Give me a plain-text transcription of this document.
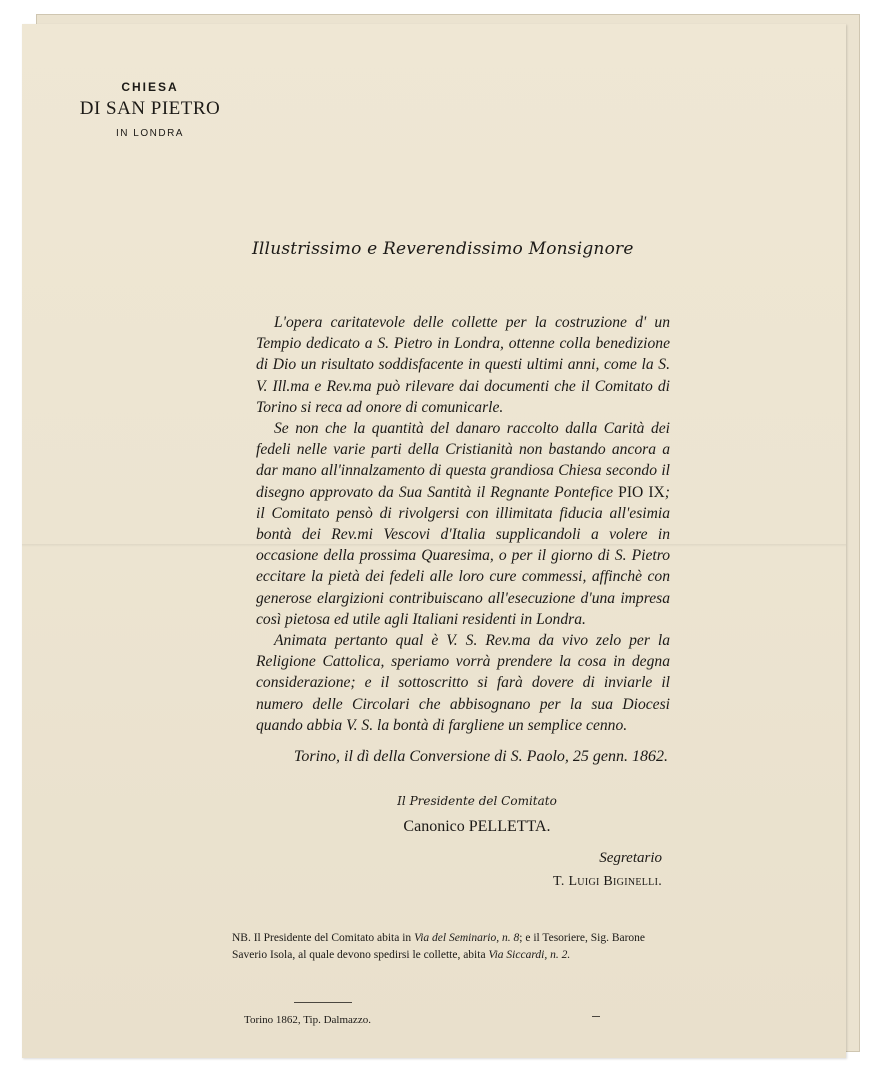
CHIESA
DI SAN PIETRO
IN LONDRA
Illustrissimo e Reverendissimo Monsignore

L'opera caritatevole delle collette per la costruzione d' un Tempio dedicato a S. Pietro in Londra, ottenne colla benedizione di Dio un risultato soddisfacente in questi ultimi anni, come la S. V. Ill.ma e Rev.ma può rilevare dai documenti che il Comitato di Torino si reca ad onore di comunicarle.

Se non che la quantità del danaro raccolto dalla Carità dei fedeli nelle varie parti della Cristianità non bastando ancora a dar mano all'innalzamento di questa grandiosa Chiesa secondo il disegno approvato da Sua Santità il Regnante Pontefice PIO IX; il Comitato pensò di rivolgersi con illimitata fiducia all'esimia bontà dei Rev.mi Vescovi d'Italia supplicandoli a volere in occasione della prossima Quaresima, o per il giorno di S. Pietro eccitare la pietà dei fedeli alle loro cure commessi, affinchè con generose elargizioni contribuiscano all'esecuzione d'una impresa così pietosa ed utile agli Italiani residenti in Londra.

Animata pertanto qual è V. S. Rev.ma da vivo zelo per la Religione Cattolica, speriamo vorrà prendere la cosa in degna considerazione; e il sottoscritto si farà dovere di inviarle il numero delle Circolari che abbisognano per la sua Diocesi quando abbia V. S. la bontà di fargliene un semplice cenno.

Torino, il dì della Conversione di S. Paolo, 25 genn. 1862.
Il Presidente del Comitato
Canonico PELLETTA.
Segretario
T. Luigi Biginelli.
NB. Il Presidente del Comitato abita in Via del Seminario, n. 8; e il Tesoriere, Sig. Barone Saverio Isola, al quale devono spedirsi le collette, abita Via Siccardi, n. 2.
Torino 1862, Tip. Dalmazzo.
